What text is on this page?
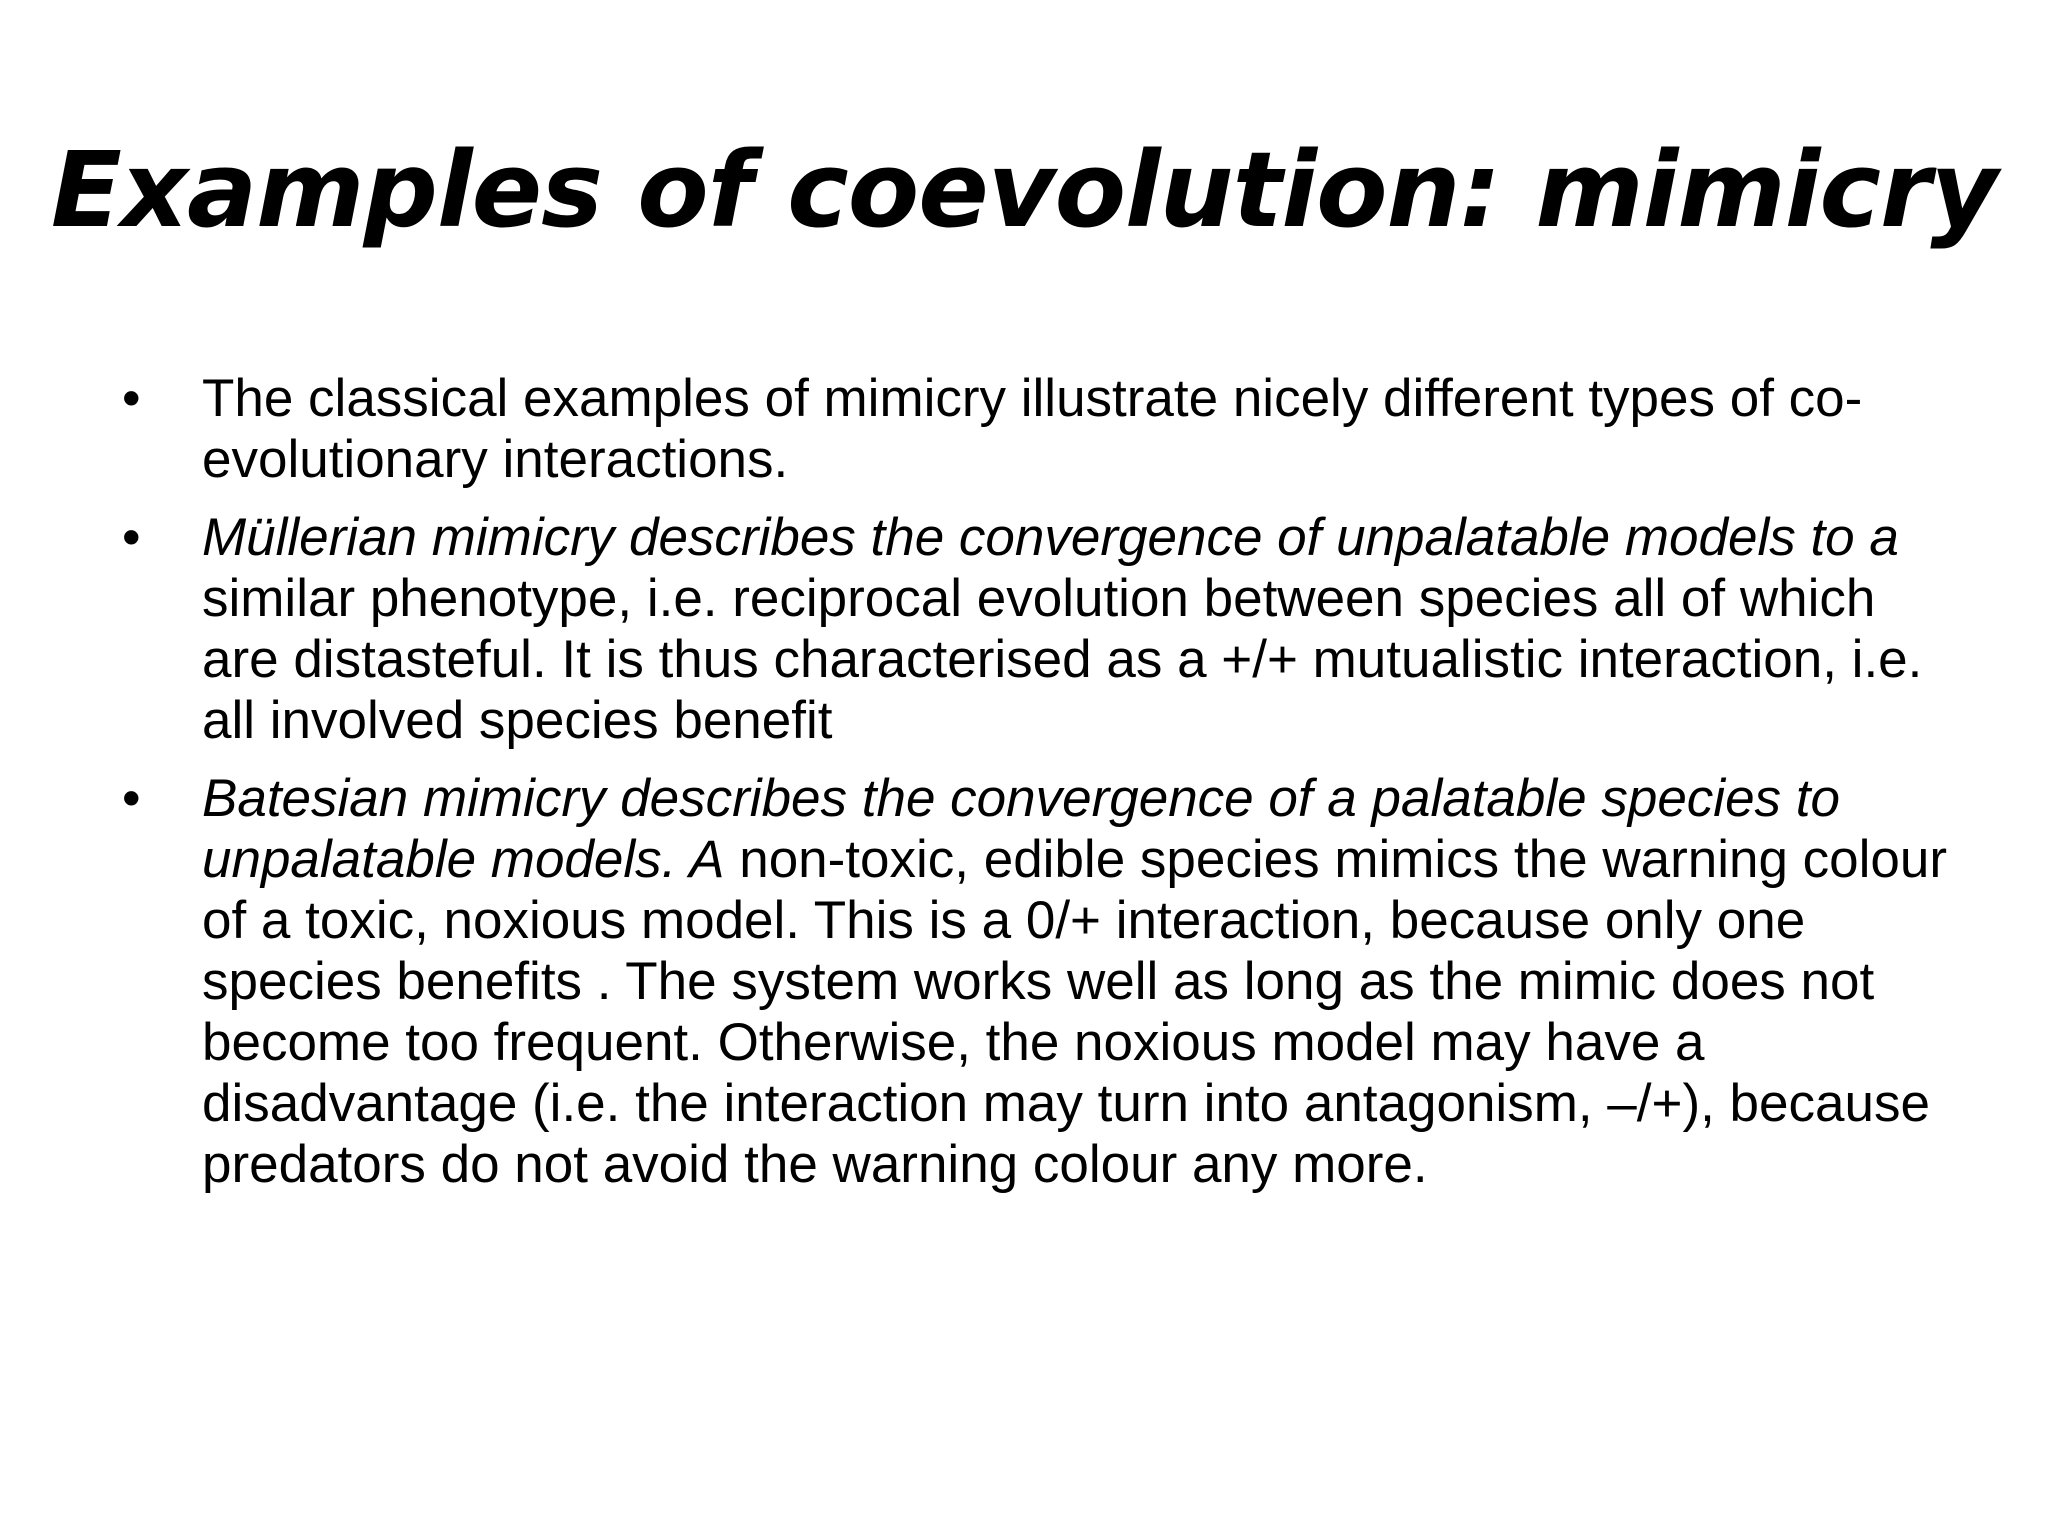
Examples of coevolution: mimicry
• The classical examples of mimicry illustrate nicely different types of co-evolutionary interactions.
• Müllerian mimicry describes the convergence of unpalatable models to a similar phenotype, i.e. reciprocal evolution between species all of which are distasteful. It is thus characterised as a +/+ mutualistic interaction, i.e. all involved species benefit
• Batesian mimicry describes the convergence of a palatable species to unpalatable models. A non-toxic, edible species mimics the warning colour of a toxic, noxious model. This is a 0/+ interaction, because only one species benefits . The system works well as long as the mimic does not become too frequent. Otherwise, the noxious model may have a disadvantage (i.e. the interaction may turn into antagonism, –/+), because predators do not avoid the warning colour any more.
